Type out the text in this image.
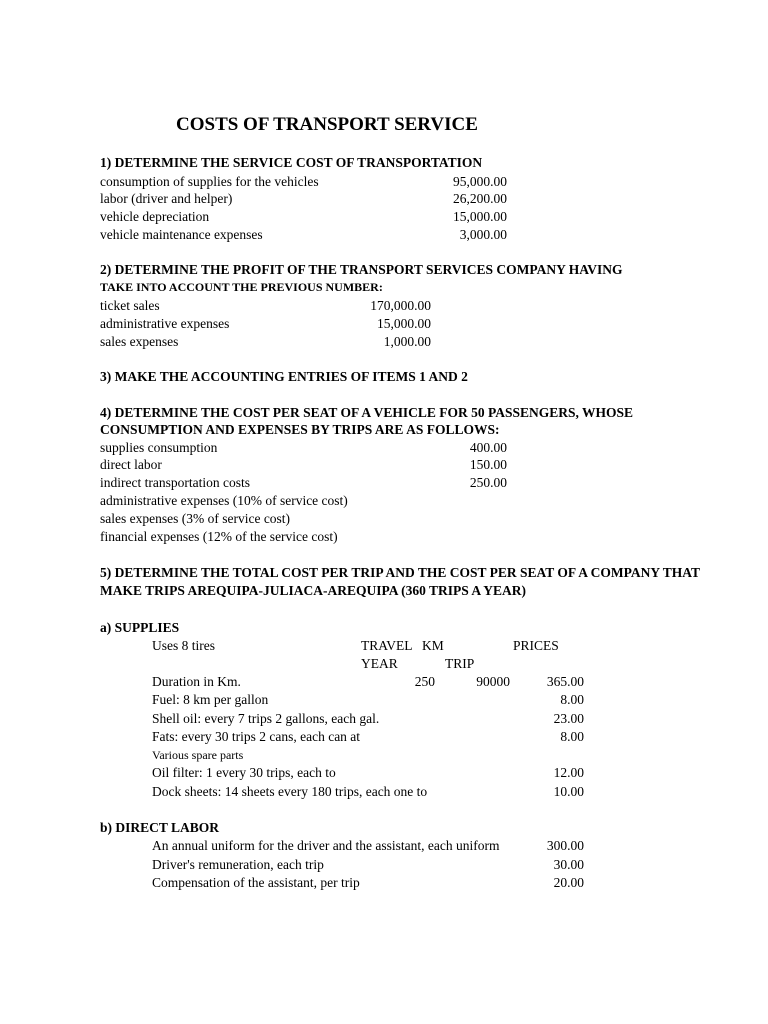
COSTS OF TRANSPORT SERVICE
1) DETERMINE THE SERVICE COST OF TRANSPORTATION
consumption of supplies for the vehicles	95,000.00
labor (driver and helper)	26,200.00
vehicle depreciation	15,000.00
vehicle maintenance expenses	3,000.00
2) DETERMINE THE PROFIT OF THE TRANSPORT SERVICES COMPANY HAVING
TAKE INTO ACCOUNT THE PREVIOUS NUMBER:
ticket sales	170,000.00
administrative expenses	15,000.00
sales expenses	1,000.00
3) MAKE THE ACCOUNTING ENTRIES OF ITEMS 1 AND 2
4) DETERMINE THE COST PER SEAT OF A VEHICLE FOR 50 PASSENGERS, WHOSE
CONSUMPTION AND EXPENSES BY TRIPS ARE AS FOLLOWS:
supplies consumption	400.00
direct labor	150.00
indirect transportation costs	250.00
administrative expenses (10% of service cost)
sales expenses (3% of service cost)
financial expenses (12% of the service cost)
5) DETERMINE THE TOTAL COST PER TRIP AND THE COST PER SEAT OF A COMPANY THAT
MAKE TRIPS AREQUIPA-JULIACA-AREQUIPA (360 TRIPS A YEAR)
a) SUPPLIES
Uses 8 tires	TRAVEL KM	PRICES
YEAR	TRIP
Duration in Km.	250	90000	365.00
Fuel: 8 km per gallon	8.00
Shell oil: every 7 trips 2 gallons, each gal.	23.00
Fats: every 30 trips 2 cans, each can at	8.00
Various spare parts
Oil filter: 1 every 30 trips, each to	12.00
Dock sheets: 14 sheets every 180 trips, each one to	10.00
b) DIRECT LABOR
An annual uniform for the driver and the assistant, each uniform	300.00
Driver's remuneration, each trip	30.00
Compensation of the assistant, per trip	20.00
